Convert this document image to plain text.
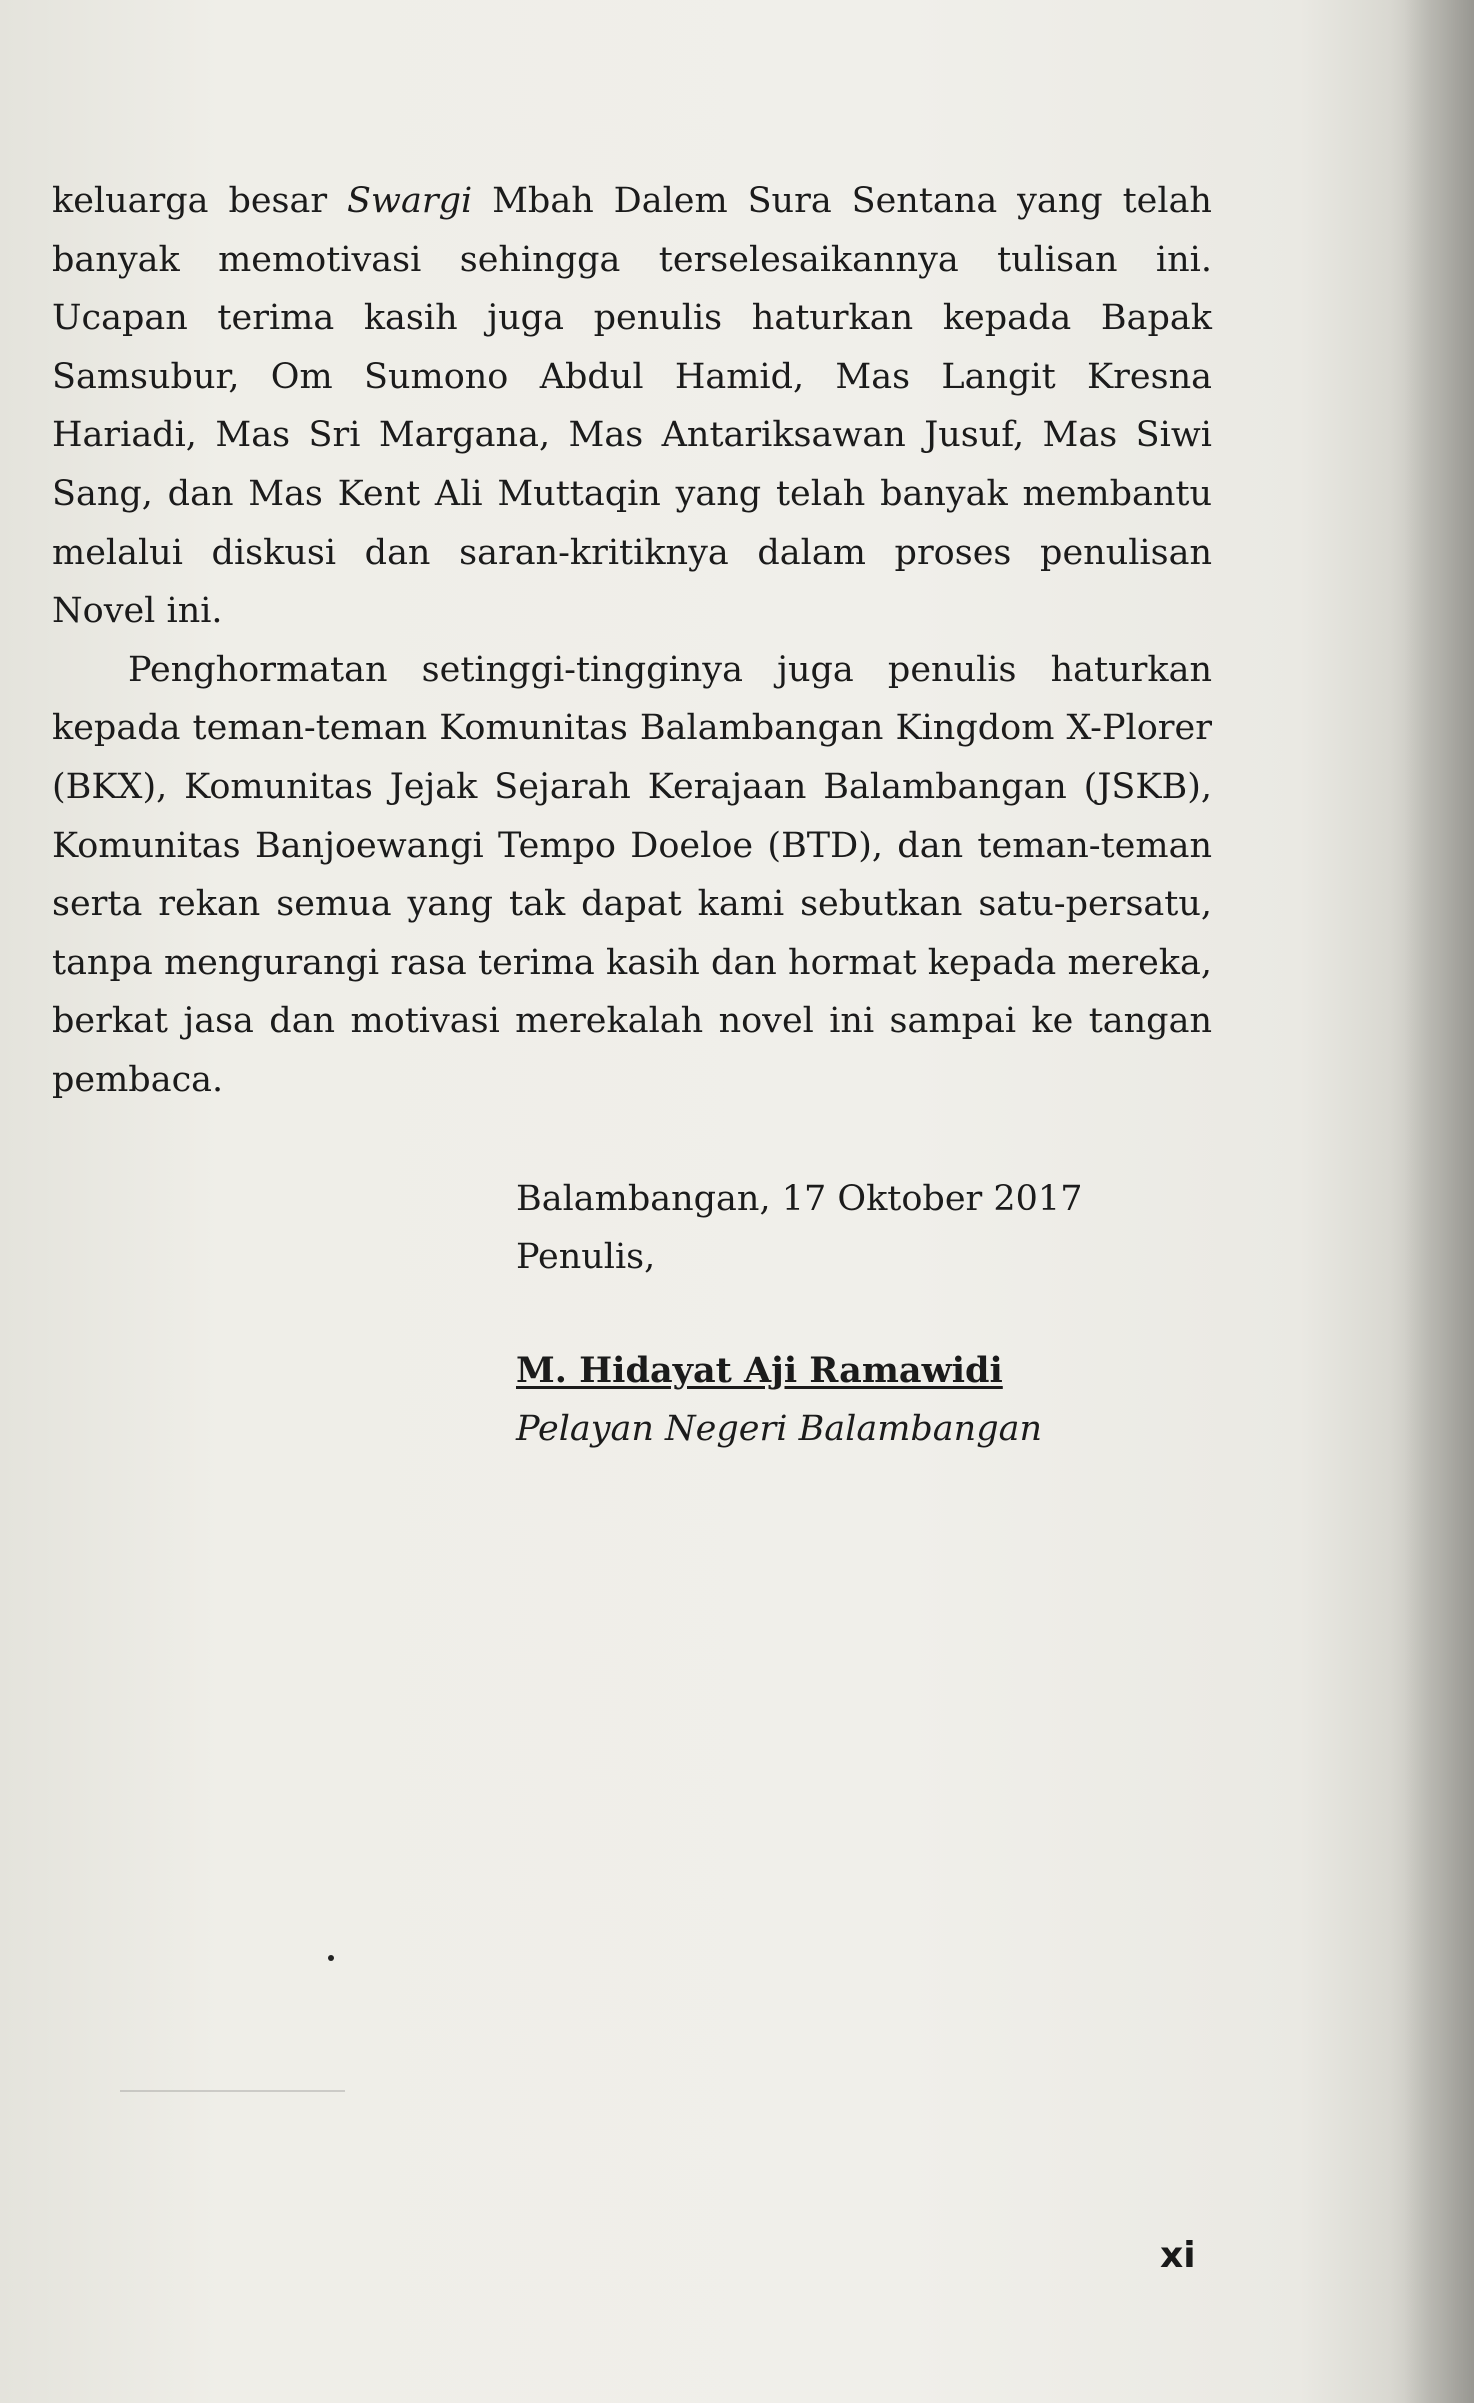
keluarga besar Swargi Mbah Dalem Sura Sentana yang telah banyak memotivasi sehingga terselesaikannya tulisan ini. Ucapan terima kasih juga penulis haturkan kepada Bapak Samsubur, Om Sumono Abdul Hamid, Mas Langit Kresna Hariadi, Mas Sri Margana, Mas Antariksawan Jusuf, Mas Siwi Sang, dan Mas Kent Ali Muttaqin yang telah banyak membantu melalui diskusi dan saran-kritiknya dalam proses penulisan Novel ini.

Penghormatan setinggi-tingginya juga penulis haturkan kepada teman-teman Komunitas Balambangan Kingdom X-Plorer (BKX), Komunitas Jejak Sejarah Kerajaan Balambangan (JSKB), Komunitas Banjoewangi Tempo Doeloe (BTD), dan teman-teman serta rekan semua yang tak dapat kami sebutkan satu-persatu, tanpa mengurangi rasa terima kasih dan hormat kepada mereka, berkat jasa dan motivasi merekalah novel ini sampai ke tangan pembaca.

Balambangan, 17 Oktober 2017
Penulis,
M. Hidayat Aji Ramawidi
Pelayan Negeri Balambangan
xi
